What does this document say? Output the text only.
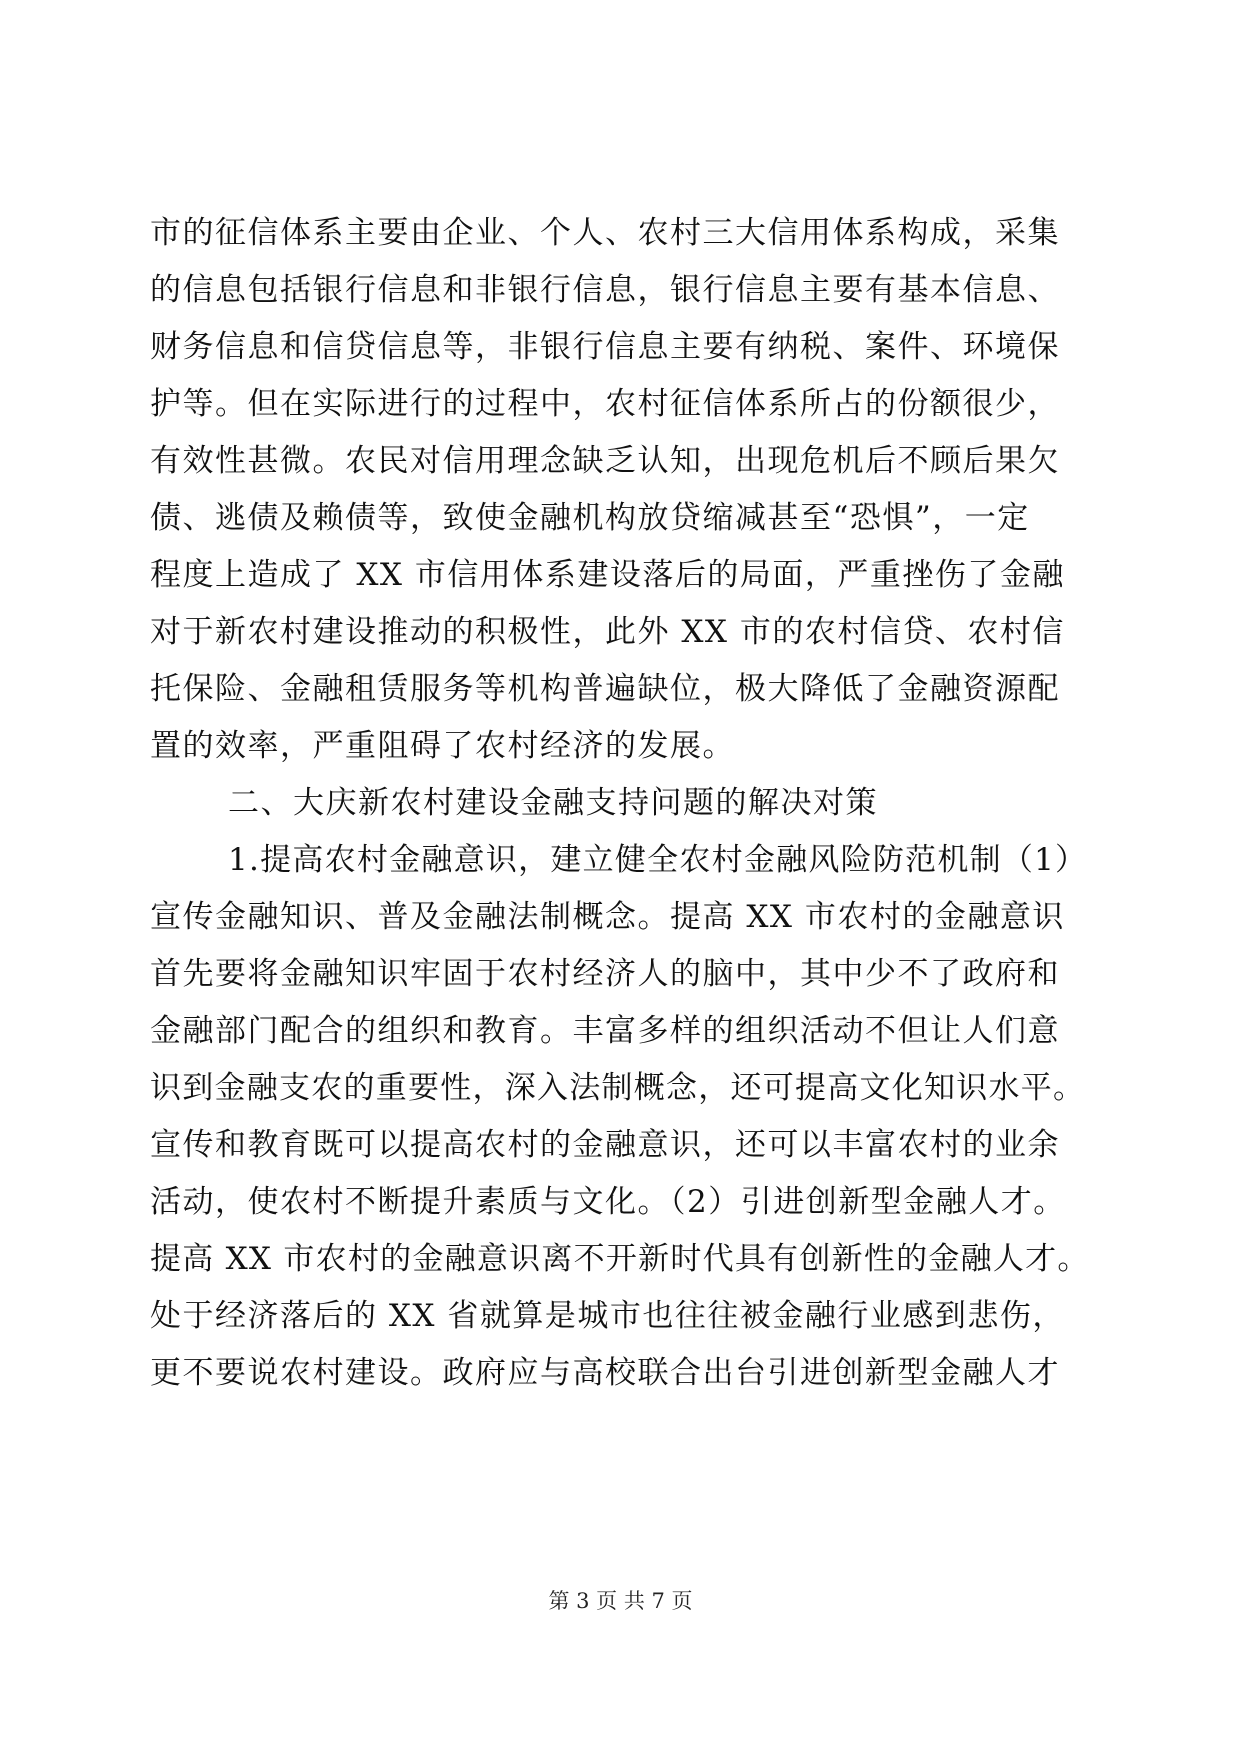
市的征信体系主要由企业、个人、农村三大信用体系构成，采集
的信息包括银行信息和非银行信息，银行信息主要有基本信息、
财务信息和信贷信息等，非银行信息主要有纳税、案件、环境保
护等。但在实际进行的过程中，农村征信体系所占的份额很少，
有效性甚微。农民对信用理念缺乏认知，出现危机后不顾后果欠
债、逃债及赖债等，致使金融机构放贷缩减甚至“恐惧”，一定
程度上造成了 XX 市信用体系建设落后的局面，严重挫伤了金融
对于新农村建设推动的积极性，此外 XX 市的农村信贷、农村信
托保险、金融租赁服务等机构普遍缺位，极大降低了金融资源配
置的效率，严重阻碍了农村经济的发展。
二、大庆新农村建设金融支持问题的解决对策
1.提高农村金融意识，建立健全农村金融风险防范机制（1）
宣传金融知识、普及金融法制概念。提高 XX 市农村的金融意识
首先要将金融知识牢固于农村经济人的脑中，其中少不了政府和
金融部门配合的组织和教育。丰富多样的组织活动不但让人们意
识到金融支农的重要性，深入法制概念，还可提高文化知识水平。
宣传和教育既可以提高农村的金融意识，还可以丰富农村的业余
活动，使农村不断提升素质与文化。（2）引进创新型金融人才。
提高 XX 市农村的金融意识离不开新时代具有创新性的金融人才。
处于经济落后的 XX 省就算是城市也往往被金融行业感到悲伤，
更不要说农村建设。政府应与高校联合出台引进创新型金融人才
第 3 页 共 7 页
